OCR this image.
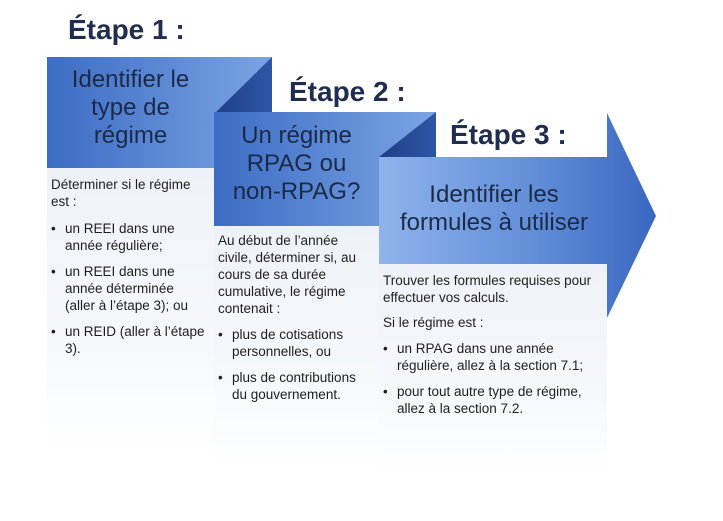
Étape 1 :
Identifier le
type de
régime

Déterminer si le régime
est :

• un REEI dans une
année régulière;
• un REEI dans une
année déterminée
(aller à l’étape 3); ou
• un REID (aller à l’étape
3).
Étape 2 :
Un régime
RPAG ou
non-RPAG?

Au début de l’année
civile, déterminer si, au
cours de sa durée
cumulative, le régime
contenait :

• plus de cotisations
personnelles, ou
• plus de contributions
du gouvernement.
Étape 3 :
Identifier les
formules à utiliser

Trouver les formules requises pour
effectuer vos calculs.

Si le régime est :

• un RPAG dans une année
régulière, allez à la section 7.1;
• pour tout autre type de régime,
allez à la section 7.2.
